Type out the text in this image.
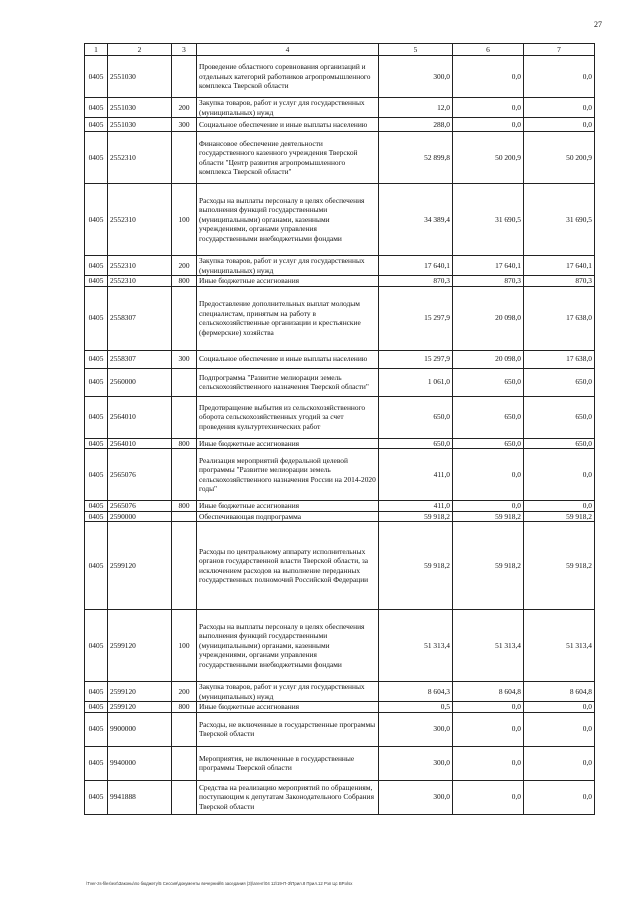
27
1	2	3	4	5	6	7
0405	2551030		Проведение областного соревнования организаций и отдельных категорий работников агропромышленного комплекса Тверской области	300,0	0,0	0,0
0405	2551030	200	Закупка товаров, работ и услуг для государственных (муниципальных) нужд	12,0	0,0	0,0
0405	2551030	300	Социальное обеспечение и иные выплаты населению	288,0	0,0	0,0
0405	2552310		Финансовое обеспечение деятельности государственного казенного учреждения Тверской области "Центр развития агропромышленного комплекса Тверской области"	52 899,8	50 200,9	50 200,9
0405	2552310	100	Расходы на выплаты персоналу в целях обеспечения выполнения функций государственными (муниципальными) органами, казенными учреждениями, органами управления государственными внебюджетными фондами	34 389,4	31 690,5	31 690,5
0405	2552310	200	Закупка товаров, работ и услуг для государственных (муниципальных) нужд	17 640,1	17 640,1	17 640,1
0405	2552310	800	Иные бюджетные ассигнования	870,3	870,3	870,3
0405	2558307		Предоставление дополнительных выплат молодым специалистам, принятым на работу в сельскохозяйственные организации и крестьянские (фермерские) хозяйства	15 297,9	20 098,0	17 638,0
0405	2558307	300	Социальное обеспечение и иные выплаты населению	15 297,9	20 098,0	17 638,0
0405	2560000		Подпрограмма "Развитие мелиорации земель сельскохозяйственного назначения Тверской области"	1 061,0	650,0	650,0
0405	2564010		Предотвращение выбытия из сельскохозяйственного оборота сельскохозяйственных угодий за счет проведения культуртехнических работ	650,0	650,0	650,0
0405	2564010	800	Иные бюджетные ассигнования	650,0	650,0	650,0
0405	2565076		Реализация мероприятий федеральной целевой программы "Развитие мелиорации земель сельскохозяйственного назначения России на 2014-2020 годы"	411,0	0,0	0,0
0405	2565076	800	Иные бюджетные ассигнования	411,0	0,0	0,0
0405	2590000		Обеспечивающая подпрограмма	59 918,2	59 918,2	59 918,2
0405	2599120		Расходы по центральному аппарату исполнительных органов государственной власти Тверской области, за исключением расходов на выполнение переданных государственных полномочий Российской Федерации	59 918,2	59 918,2	59 918,2
0405	2599120	100	Расходы на выплаты персоналу в целях обеспечения выполнения функций государственными (муниципальными) органами, казенными учреждениями, органами управления государственными внебюджетными фондами	51 313,4	51 313,4	51 313,4
0405	2599120	200	Закупка товаров, работ и услуг для государственных (муниципальных) нужд	8 604,3	8 604,8	8 604,8
0405	2599120	800	Иные бюджетные ассигнования	0,5	0,0	0,0
0405	9900000		Расходы, не включенные в государственные программы Тверской области	300,0	0,0	0,0
0405	9940000		Мероприятия, не включенные в государственные программы Тверской области	300,0	0,0	0,0
0405	9941888		Средства на реализацию мероприятий по обращениям, поступающим к депутатам Законодательного Собрания Тверской области	300,0	0,0	0,0
\Tver-zs-files\ext\Законы\по бюджету\5 Сессия\документы вечерний\6 заседания (3)\агент\04 12\19-П-3\Прил.8 Прил.12 Рзп Цс ВР.xlsx
